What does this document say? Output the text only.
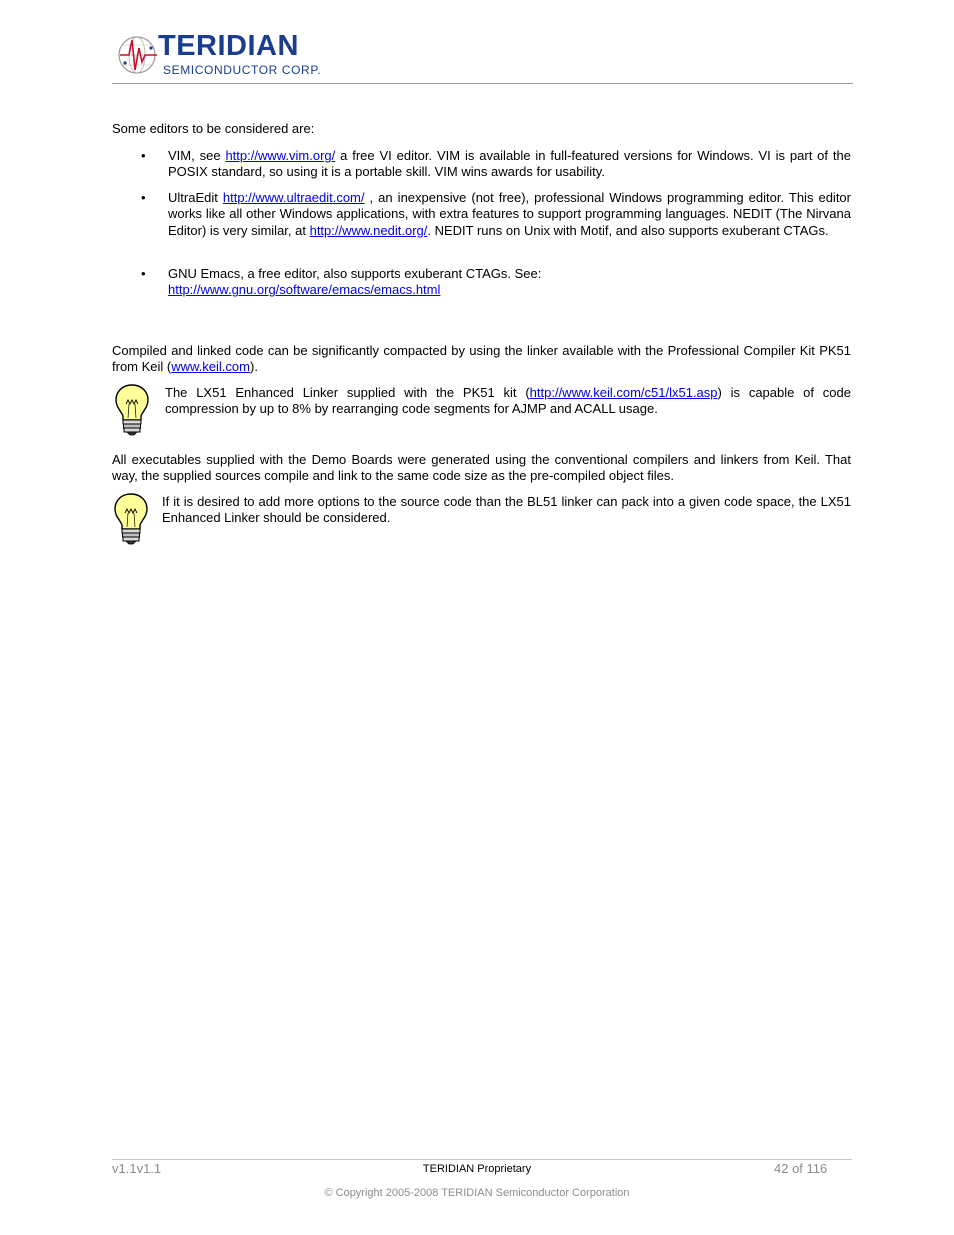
TERIDIAN
SEMICONDUCTOR CORP.

Some editors to be considered are:

• VIM, see http://www.vim.org/ a free VI editor. VIM is available in full-featured versions for Windows. VI is part of the POSIX standard, so using it is a portable skill. VIM wins awards for usability.

• UltraEdit http://www.ultraedit.com/ , an inexpensive (not free), professional Windows programming editor. This editor works like all other Windows applications, with extra features to support programming languages. NEDIT (The Nirvana Editor) is very similar, at http://www.nedit.org/. NEDIT runs on Unix with Motif, and also supports exuberant CTAGs.

• GNU Emacs, a free editor, also supports exuberant CTAGs. See: http://www.gnu.org/software/emacs/emacs.html

Compiled and linked code can be significantly compacted by using the linker available with the Professional Compiler Kit PK51 from Keil (www.keil.com).

The LX51 Enhanced Linker supplied with the PK51 kit (http://www.keil.com/c51/lx51.asp) is capable of code compression by up to 8% by rearranging code segments for AJMP and ACALL usage.

All executables supplied with the Demo Boards were generated using the conventional compilers and linkers from Keil. That way, the supplied sources compile and link to the same code size as the pre-compiled object files.

If it is desired to add more options to the source code than the BL51 linker can pack into a given code space, the LX51 Enhanced Linker should be considered.

v1.1v1.1	TERIDIAN Proprietary	42 of 116
© Copyright 2005-2008 TERIDIAN Semiconductor Corporation
